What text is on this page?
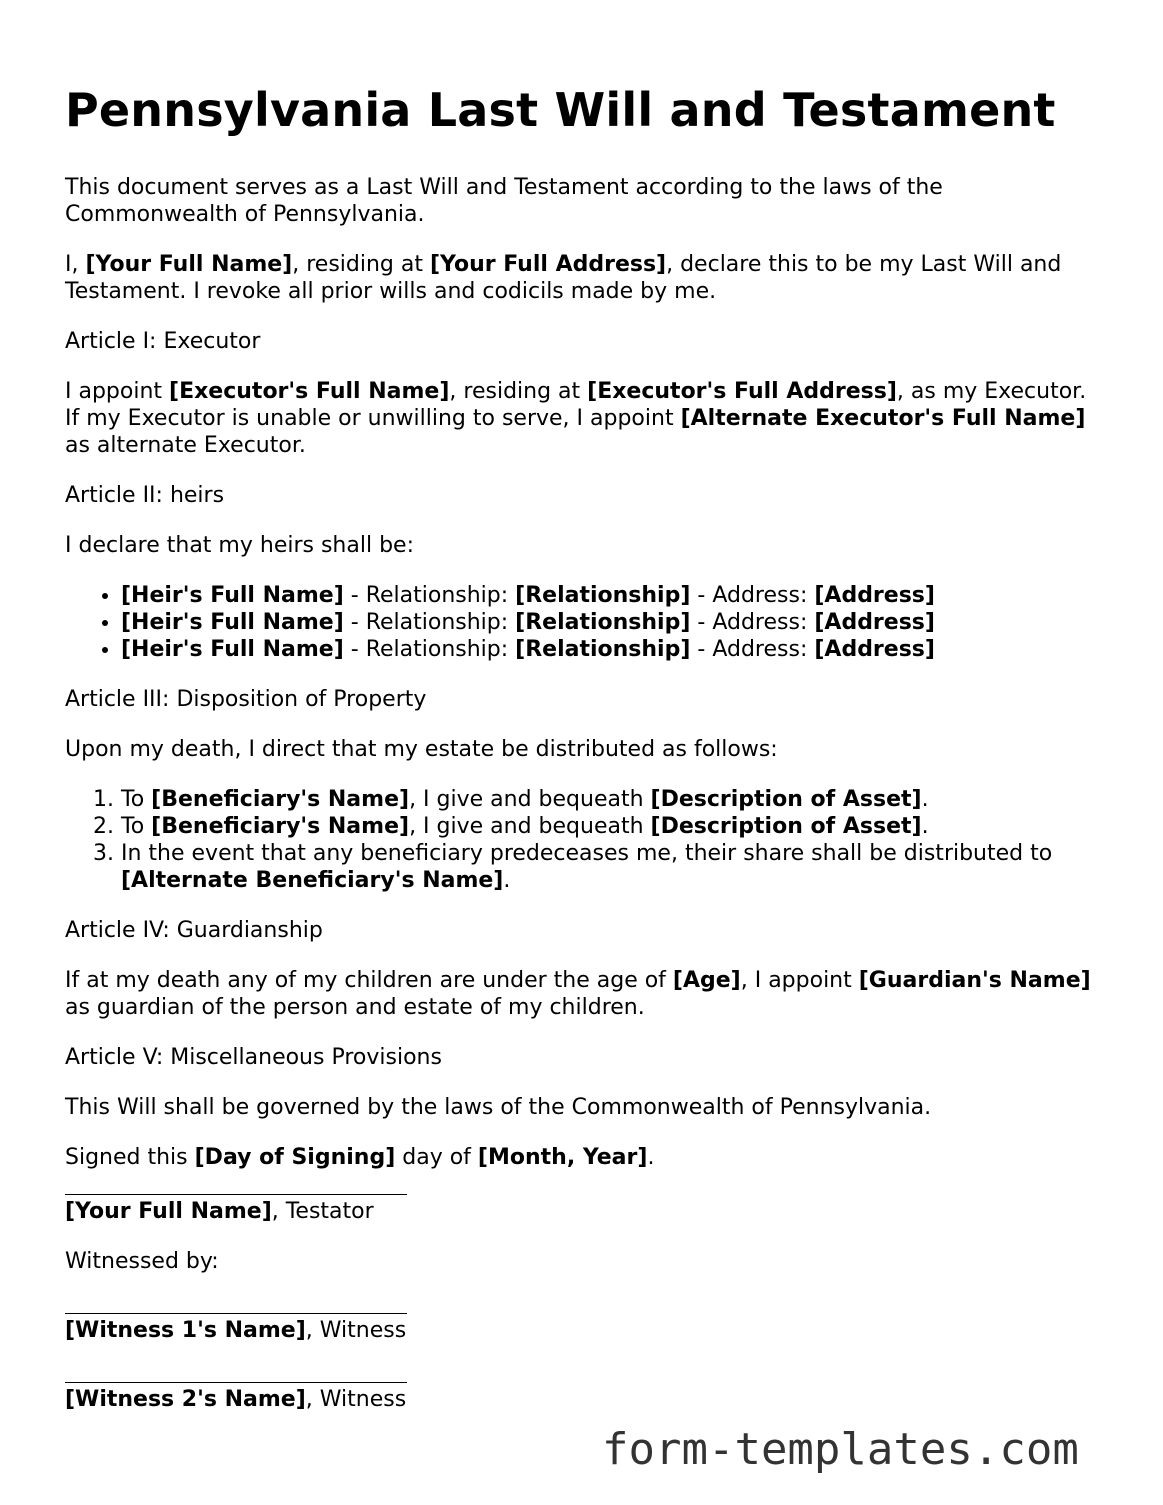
Pennsylvania Last Will and Testament

This document serves as a Last Will and Testament according to the laws of the Commonwealth of Pennsylvania.

I, [Your Full Name], residing at [Your Full Address], declare this to be my Last Will and Testament. I revoke all prior wills and codicils made by me.

Article I: Executor

I appoint [Executor's Full Name], residing at [Executor's Full Address], as my Executor. If my Executor is unable or unwilling to serve, I appoint [Alternate Executor's Full Name] as alternate Executor.

Article II: heirs

I declare that my heirs shall be:

• [Heir's Full Name] - Relationship: [Relationship] - Address: [Address]
• [Heir's Full Name] - Relationship: [Relationship] - Address: [Address]
• [Heir's Full Name] - Relationship: [Relationship] - Address: [Address]

Article III: Disposition of Property

Upon my death, I direct that my estate be distributed as follows:

1. To [Beneficiary's Name], I give and bequeath [Description of Asset].
2. To [Beneficiary's Name], I give and bequeath [Description of Asset].
3. In the event that any beneficiary predeceases me, their share shall be distributed to [Alternate Beneficiary's Name].

Article IV: Guardianship

If at my death any of my children are under the age of [Age], I appoint [Guardian's Name] as guardian of the person and estate of my children.

Article V: Miscellaneous Provisions

This Will shall be governed by the laws of the Commonwealth of Pennsylvania.

Signed this [Day of Signing] day of [Month, Year].

[Your Full Name], Testator

Witnessed by:

[Witness 1's Name], Witness
[Witness 2's Name], Witness
form-templates.com
